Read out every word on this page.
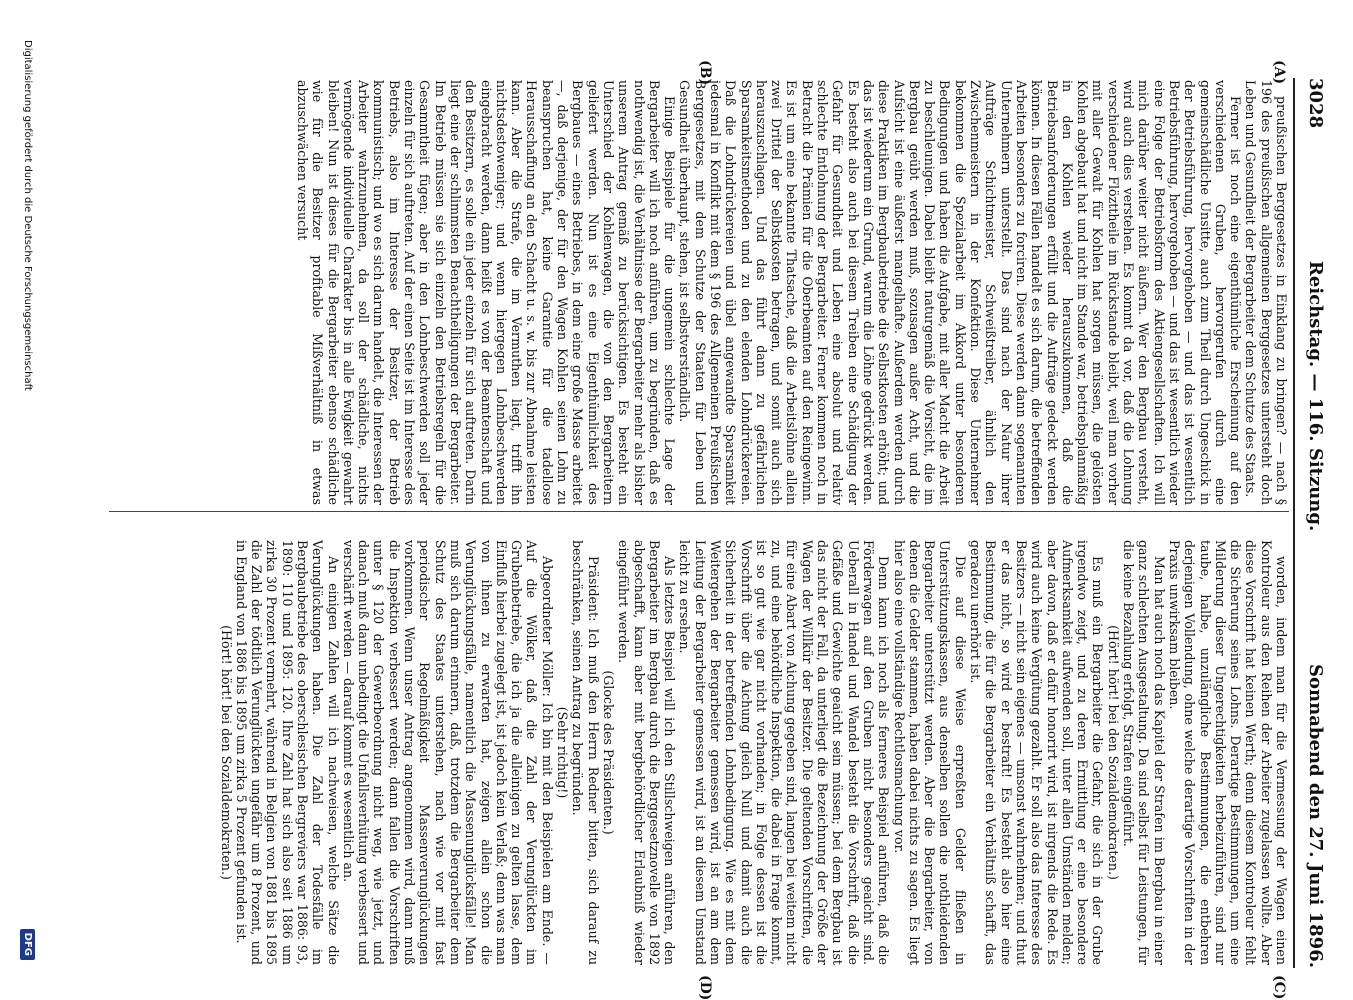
3028
Reichstag. — 116. Sitzung.
Sonnabend den 27. Juni 1896.
(A)
(B)
(C)
(D)

preußischen Berggesetzes in Einklang zu bringen? — nach § 196 des preußischen allgemeinen Berggesetzes untersteht doch Leben und Gesundheit der Bergarbeiter dem Schutze des Staats.

Ferner ist noch eine eigenthümliche Erscheinung auf den verschiedenen Gruben, hervorgerufen durch eine gemeinschädliche Unsitte, auch zum Theil durch Ungeschick in der Betriebsführung, hervorgehoben — und das ist wesentlich Betriebsführung, hervorgehoben — und das ist wesentlich wieder eine Folge der Betriebsform des Aktiengesellschaften. Ich will mich darüber weiter nicht äußern. Wer den Bergbau versteht, wird auch dies verstehen. Es kommt da vor, daß die Lohnung verschiedener Flözttheile im Rückstande bleibt, weil man vorher mit aller Gewalt für Kohlen hat sorgen müssen, die gelösten Kohlen abgebaut hat und nicht im Stande war, betriebsplanmäßig in den Kohlen wieder herauszukommen, daß die Betriebsanforderungen erfüllt und die Aufträge gedeckt werden können. In diesen Fällen handelt es sich darum, die betreffenden Arbeiten besonders zu forciren. Diese werden dann sogenannten Unternehmern unterstellt. Das sind nach der Natur ihrer Aufträge Schichtmeister, Schweißtreiber, ähnlich den Zwischenmeistern in der Konfektion. Diese Unternehmer bekommen die Spezialarbeit im Akkord unter besonderen Bedingungen und haben die Aufgabe, mit aller Macht die Arbeit zu beschleunigen. Dabei bleibt naturgemäß die Vorsicht, die im Bergbau geübt werden muß, sozusagen außer Acht, und die Aufsicht ist eine äußerst mangelhafte. Außerdem werden durch diese Praktiken im Bergbaubetriebe die Selbstkosten erhöht; und das ist wiederum ein Grund, warum die Löhne gedrückt werden. Es besteht also auch bei diesem Treiben eine Schädigung der Gefahr für Gesundheit und Leben eine absolut und relativ schlechte Entlohnung der Bergarbeiter. Ferner kommen noch in Betracht die Prämien für die Oberbeamten auf den Reingewinn. Es ist um eine bekannte Thatsache, daß die Arbeitslöhne allein zwei Drittel der Selbstkosten betragen, und somit auch sich herauszuschlagen. Und das führt dann zu gefährlichen Sparsamkeitsmethoden und zu den elenden Lohndrückereien. Daß die Lohndrückereien und übel angewandte Sparsamkeit jedesmal in Konflikt mit dem § 196 des Allgemeinen Preußischen Berggesetzes, mit dem Schutze der Staaten für Leben und Gesundheit überhaupt, stehen, ist selbstverständlich.

Einige Beispiele für die ungemein schlechte Lage der Bergarbeiter will ich noch anführen, um zu begründen, daß es nothwendig ist, die Verhältnisse der Bergarbeiter mehr als bisher unserem Antrag gemäß zu berücksichtigen. Es besteht ein Unterschied der Kohlenwagen, die von den Bergarbeitern geliefert werden. Nun ist es eine Eigenthümlichkeit des Bergbaues — eines Betriebes, in dem eine große Masse arbeitet —, daß derjenige, der für den Wagen Kohlen seinen Lohn zu beanspruchen hat, keine Garantie für die tadellose Herausschaffung an den Schacht u. s. w. bis zur Abnahme leisten kann. Aber die Strafe, die im Vermuthen liegt, trifft ihn nichtsdestoweniger; und wenn hiergegen Lohnbeschwerden eingebracht werden, dann heißt es von der Beamtenschaft und den Besitzern, es solle ein jeder einzeln für sich auftreten. Darin liegt eine der schlimmsten Benachtheiligungen der Bergarbeiter. Im Betrieb müssen sie sich einzeln den Betriebsregeln für die Gesammtheit fügen; aber in den Lohnbeschwerden soll jeder einzeln für sich auftreten. Auf der einen Seite ist im Interesse des Betriebs, also im Interesse der Besitzer, der Betrieb kommunistisch; und wo es sich darum handelt, die Interessen der Arbeiter wahrzunehmen, da soll der schädliche, nichts vermögende individuelle Charakter bis in alle Ewigkeit gewahrt bleiben! Nun ist dieses für die Bergarbeiter ebenso schädliche wie für die Besitzer profitable Mißverhältniß in etwas abzuschwächen versucht

worden, indem man für die Vermessung der Wagen einen Kontroleur aus den Reihen der Arbeiter zugelassen wollte. Aber diese Vorschrift hat keinen Werth; denn diesem Kontroleur fehlt die Sicherung seines Lohns. Derartige Bestimmungen, um eine Milderung dieser Ungerechtigkeiten herbeizuführen, sind nur taube, halbe, unzulängliche Bestimmungen, die entbehren derjenigen Vollendung, ohne welche derartige Vorschriften in der Praxis unwirksam bleiben.

Man hat auch noch das Kapitel der Strafen im Bergbau in einer ganz schlechten Ausgestaltung. Da sind selbst für Leistungen, für die keine Bezahlung erfolgt, Strafen eingeführt.

(Hört! hört! bei den Sozialdemokraten.)

Es muß ein Bergarbeiter die Gefahr, die sich in der Grube irgendwo zeigt, und zu deren Ermittlung er eine besondere Aufmerksamkeit aufwenden soll, unter allen Umständen melden; aber davon, daß er dafür honorirt wird, ist nirgends die Rede. Es wird auch keine Vergütung gezahlt. Er soll also das Interesse des Besitzers — nicht sein eigenes — umsonst wahrnehmen; und thut er das nicht, so wird er bestraft! Es besteht also hier eine Bestimmung, die für die Bergarbeiter ein Verhältniß schafft, das geradezu unerhört ist.

Die auf diese Weise erpreßten Gelder fließen in Unterstützungskassen, aus denselben sollen die nothleidenden Bergarbeiter unterstützt werden. Aber die Bergarbeiter, von denen die Gelder stammen, haben dabei nichts zu sagen. Es liegt hier also eine vollständige Rechtlosmachung vor.

Denn kann ich noch als ferneres Beispiel anführen, daß die Förderwagen auf den Gruben nicht besonders geaicht sind. Ueberall in Handel und Wandel besteht die Vorschrift, daß die Gefäße und Gewichte geaicht sein müssen; bei dem Bergbau ist das nicht der Fall, da unterliegt die Bezeichnung der Größe der Wagen der Willkür der Besitzer. Die geltenden Vorschriften, die für eine Abart von Aichung gegeben sind, langen bei weitem nicht zu, und eine behördliche Inspektion, die dabei in Frage kommt, ist so gut wie gar nicht vorhanden; in Folge dessen ist die Vorschrift über die Aichung gleich Null und damit auch die Sicherheit in der betreffenden Lohnbedingung. Wie es mit dem Weitergehen der Bergarbeiter gemessen wird, ist an am dem Leitung der Bergarbeiter gemessen wird, ist an diesem Umstand leicht zu ersehen.

Als letztes Beispiel will ich den Stillschweigen anführen, den Bergarbeiter im Bergbau durch die Berggesetznovelle von 1892 abgeschafft, kann aber mit bergbehördlicher Erlaubniß wieder eingeführt werden.

(Glocke des Präsidenten.)

Präsident: Ich muß den Herrn Redner bitten, sich darauf zu beschränken, seinen Antrag zu begründen.

(Sehr richtig!)

Abgeordneter Möller: Ich bin mit den Beispielen am Ende. — Auf die Wölker, daß die Zahl der Verunglückten im Grubenbetriebe, die ich ja die alleinigen zu gelten lasse, dem Einfluß hierbei zugelegt ist, ist jedoch kein Verlaß; denn was man von ihnen zu erwarten hat, zeigen allein schon die Verunglückungsfälle, namentlich die Massenunglücksfälle! Man muß sich darum erinnern, daß, trotzdem die Bergarbeiter dem Schutz des Staates unterstehen, nach wie vor mit fast periodischer Regelmäßigkeit Massenverunglückungen vorkommen. Wenn unser Antrag angenommen wird, dann muß die Inspektion verbessert werden; dann fallen die Vorschriften unter § 120 der Gewerbeordnung nicht weg, wie jetzt, und danach muß dann unbedingt die Unfallsverhütung verbessert und verschärft werden — darauf kommt es wesentlich an.

An einigen Zahlen will ich nachweisen, welche Sätze die Verunglückungen haben. Die Zahl der Todesfälle im Bergbaubetriebe des oberschlesischen Bergreviers war 1886: 93, 1890: 110 und 1895: 120. Ihre Zahl hat sich also seit 1886 um zirka 30 Prozent vermehrt, während in Belgien von 1881 bis 1895 die Zahl der tödtlich Verunglückten ungefähr um 8 Prozent, und in England von 1886 bis 1895 um zirka 5 Prozent gefunden ist.

(Hört! hört! bei den Sozialdemokraten.)

Digitalisierung gefördert durch die Deutsche Forschungsgemeinschaft
DFG
